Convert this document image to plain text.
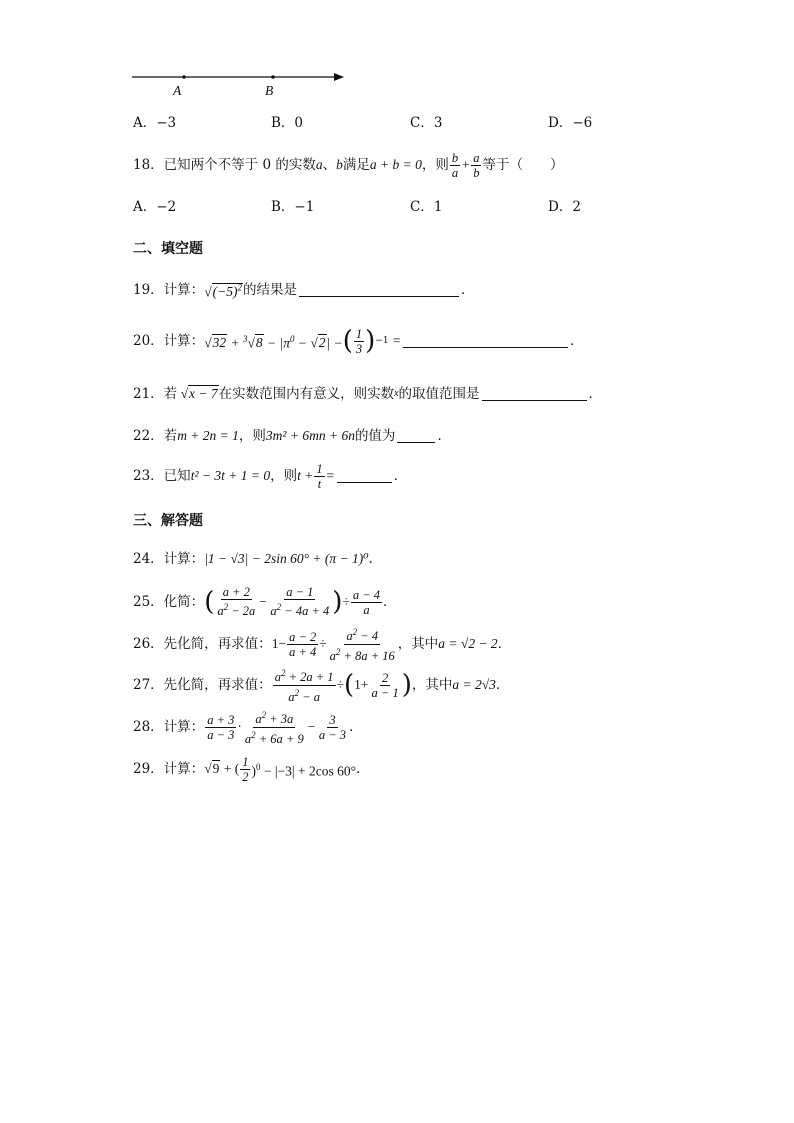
A	B
A．−3	B．0	C．3	D．−6
18．已知两个不等于 0 的实数 a 、 b 满足 a + b = 0 ，则 $\frac{b}{a} + \frac{a}{b}$ 等于（　　）
A．−2	B．−1	C．1	D．2
二、填空题
19．计算： $√(-5)^2$ 的结果是	．
20．计算： $√32 + ^3√8 - |\pi^0 - √2|$ − ( $\frac{1}{3}$ ) −1 =	．
21．若 √x − 7 在实数范围内有意义，则实数 x 的取值范围是	．
22．若 m + 2n = 1 ，则 3m² + 6mn + 6n 的值为	．
23．已知 t² − 3t + 1 = 0 ，则 $t + \frac{1}{t}$ =	．
三、解答题
24．计算： |1 − √3| − 2sin 60° + (π − 1)⁰ ．
25．化简： ( $\frac{a + 2}{a^2 - 2a} - \frac{a - 1}{a^2 - 4a + 4}$ ) ÷ $\frac{a - 4}{a}$ ．
26．先化简，再求值： $1- \frac{a - 2}{a + 4} \div \frac{a^2 - 4}{a^2 + 8a + 16}$ ，其中 a = √2 − 2 ．
27．先化简，再求值： $\frac{a^2 + 2a + 1}{a^2 - a}$ ÷ ( $1+ \frac{2}{a - 1}$ ) ，其中 a = 2√3 ．
28．计算： $\frac{a + 3}{a - 3} \cdot \frac{a^2 + 3a}{a^2 + 6a + 9} - \frac{3}{a - 3}$ ．
29．计算： √9 + ( $\frac{1}{2} )^0 - |-3| + 2\cos$ 60° ．
